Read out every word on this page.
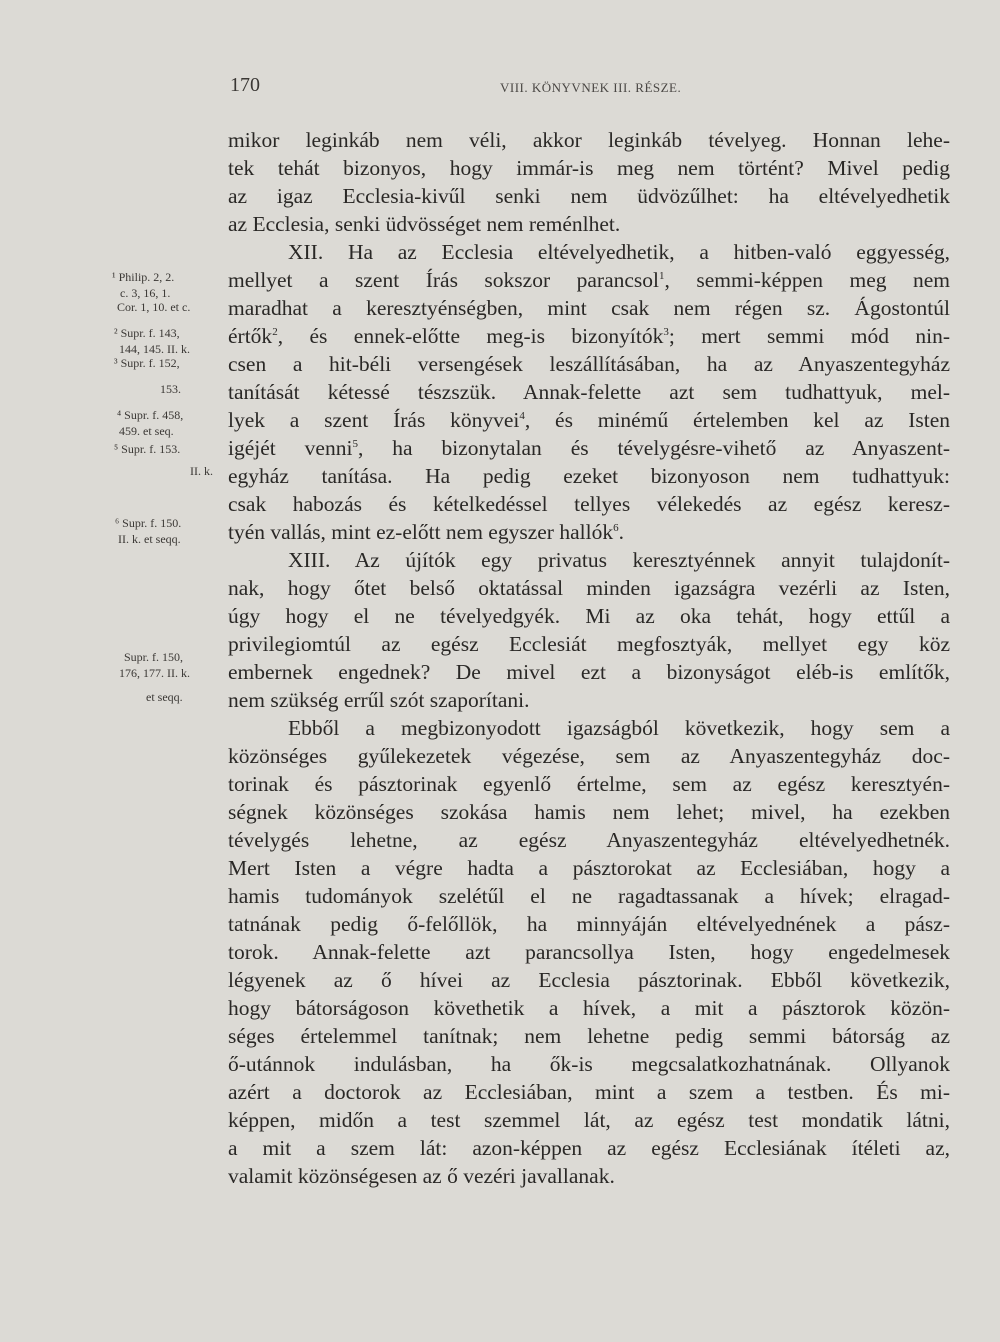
170	VIII. KÖNYVNEK III. RÉSZE.
mikor leginkáb nem véli, akkor leginkáb tévelyeg. Honnan lehe-
tek tehát bizonyos, hogy immár-is meg nem történt? Mivel pedig
az igaz Ecclesia-kivűl senki nem üdvözűlhet: ha eltévelyedhetik
az Ecclesia, senki üdvösséget nem reménlhet.
XII. Ha az Ecclesia eltévelyedhetik, a hitben-való eggyesség,
mellyet a szent Írás sokszor parancsol$^1$, semmi-képpen meg nem
maradhat a keresztyénségben, mint csak nem régen sz. Ágostontúl
értők$^2$, és ennek-előtte meg-is bizonyítók$^3$; mert semmi mód nin-
csen a hit-béli versengések leszállításában, ha az Anyaszentegyház
tanítását kétessé tészszük. Annak-felette azt sem tudhattyuk, mel-
lyek a szent Írás könyvei$^4$, és minémű értelemben kel az Isten
igéjét venni$^5$, ha bizonytalan és tévelygésre-vihető az Anyaszent-
egyház tanítása. Ha pedig ezeket bizonyoson nem tudhattyuk:
csak habozás és kételkedéssel tellyes vélekedés az egész keresz-
tyén vallás, mint ez-előtt nem egyszer hallók$^6$.
XIII. Az újítók egy privatus keresztyénnek annyit tulajdonít-
nak, hogy őtet belső oktatással minden igazságra vezérli az Isten,
úgy hogy el ne tévelyedgyék. Mi az oka tehát, hogy ettűl a
privilegiomtúl az egész Ecclesiát megfosztyák, mellyet egy köz
embernek engednek? De mivel ezt a bizonyságot eléb-is említők,
nem szükség errűl szót szaporítani.
Ebből a megbizonyodott igazságból következik, hogy sem a
közönséges gyűlekezetek végezése, sem az Anyaszentegyház doc-
torinak és pásztorinak egyenlő értelme, sem az egész keresztyén-
ségnek közönséges szokása hamis nem lehet; mivel, ha ezekben
tévelygés lehetne, az egész Anyaszentegyház eltévelyedhetnék.
Mert Isten a végre hadta a pásztorokat az Ecclesiában, hogy a
hamis tudományok szelétűl el ne ragadtassanak a hívek; elragad-
tatnának pedig ő-felőllök, ha minnyáján eltévelyednének a pász-
torok. Annak-felette azt parancsollya Isten, hogy engedelmesek
légyenek az ő hívei az Ecclesia pásztorinak. Ebből következik,
hogy bátorságoson követhetik a hívek, a mit a pásztorok közön-
séges értelemmel tanítnak; nem lehetne pedig semmi bátorság az
ő-utánnok indulásban, ha ők-is megcsalatkozhatnának. Ollyanok
azért a doctorok az Ecclesiában, mint a szem a testben. És mi-
képpen, midőn a test szemmel lát, az egész test mondatik látni,
a mit a szem lát: azon-képpen az egész Ecclesiának ítéleti az,
valamit közönségesen az ő vezéri javallanak.
¹ Philip. 2, 2.
c. 3, 16, 1.
Cor. 1, 10. et c.
² Supr. f. 143,
144, 145. II. k.
³ Supr. f. 152,
153.
⁴ Supr. f. 458,
459. et seq.
⁵ Supr. f. 153.
II. k.
⁶ Supr. f. 150.
II. k. et seqq.
Supr. f. 150,
176, 177. II. k.
et seqq.
